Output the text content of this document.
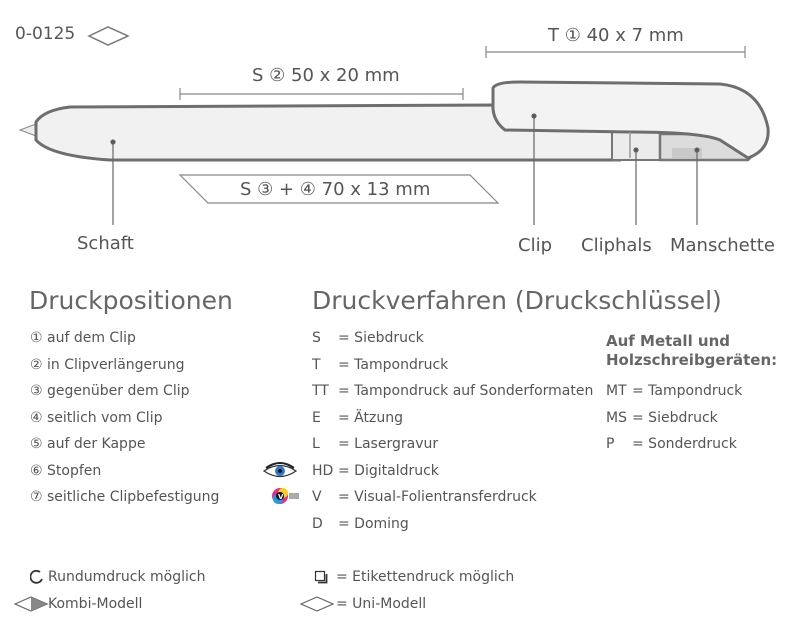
0-0125	T ① 40 x 7 mm
S ② 50 x 20 mm
S ③ + ④ 70 x 13 mm
Schaft	Clip Cliphals Manschette
Druckpositionen	Druckverfahren (Druckschlüssel)
① auf dem Clip
② in Clipverlängerung
③ gegenüber dem Clip
④ seitlich vom Clip
⑤ auf der Kappe
⑥ Stopfen
⑦ seitliche Clipbefestigung	V
S = Siebdruck
T = Tampondruck
TT = Tampondruck auf Sonderformaten
E = Ätzung
L = Lasergravur
HD = Digitaldruck
V = Visual-Folientransferdruck
D = Doming
Auf Metall und
Holzschreibgeräten:
MT = Tampondruck
MS = Siebdruck
P = Sonderdruck
Rundumdruck möglich
Kombi-Modell
= Etikettendruck möglich
= Uni-Modell
